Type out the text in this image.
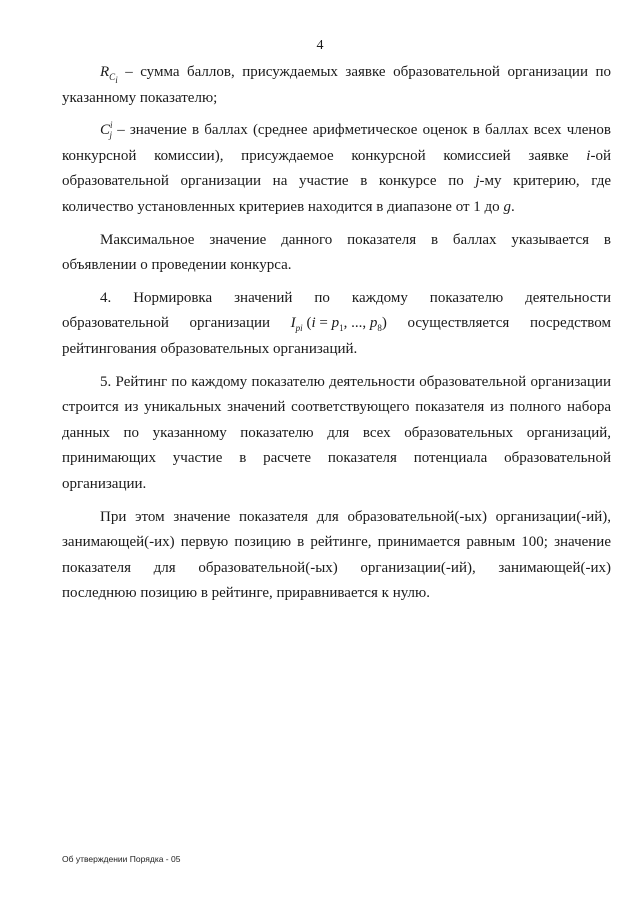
4

$R_{C_i}$ – сумма баллов, присуждаемых заявке образовательной организации по указанному показателю;

$C^i_j$ – значение в баллах (среднее арифметическое оценок в баллах всех членов конкурсной комиссии), присуждаемое конкурсной комиссией заявке i-ой образовательной организации на участие в конкурсе по j-му критерию, где количество установленных критериев находится в диапазоне от 1 до g.

Максимальное значение данного показателя в баллах указывается в объявлении о проведении конкурса.

4. Нормировка значений по каждому показателю деятельности образовательной организации $I_{pi}$ ($i = p_1$, ..., $p_8$) осуществляется посредством рейтингования образовательных организаций.

5. Рейтинг по каждому показателю деятельности образовательной организации строится из уникальных значений соответствующего показателя из полного набора данных по указанному показателю для всех образовательных организаций, принимающих участие в расчете показателя потенциала образовательной организации.

При этом значение показателя для образовательной(-ых) организации(-ий), занимающей(-их) первую позицию в рейтинге, принимается равным 100; значение показателя для образовательной(-ых) организации(-ий), занимающей(-их) последнюю позицию в рейтинге, приравнивается к нулю.

Об утверждении Порядка - 05
